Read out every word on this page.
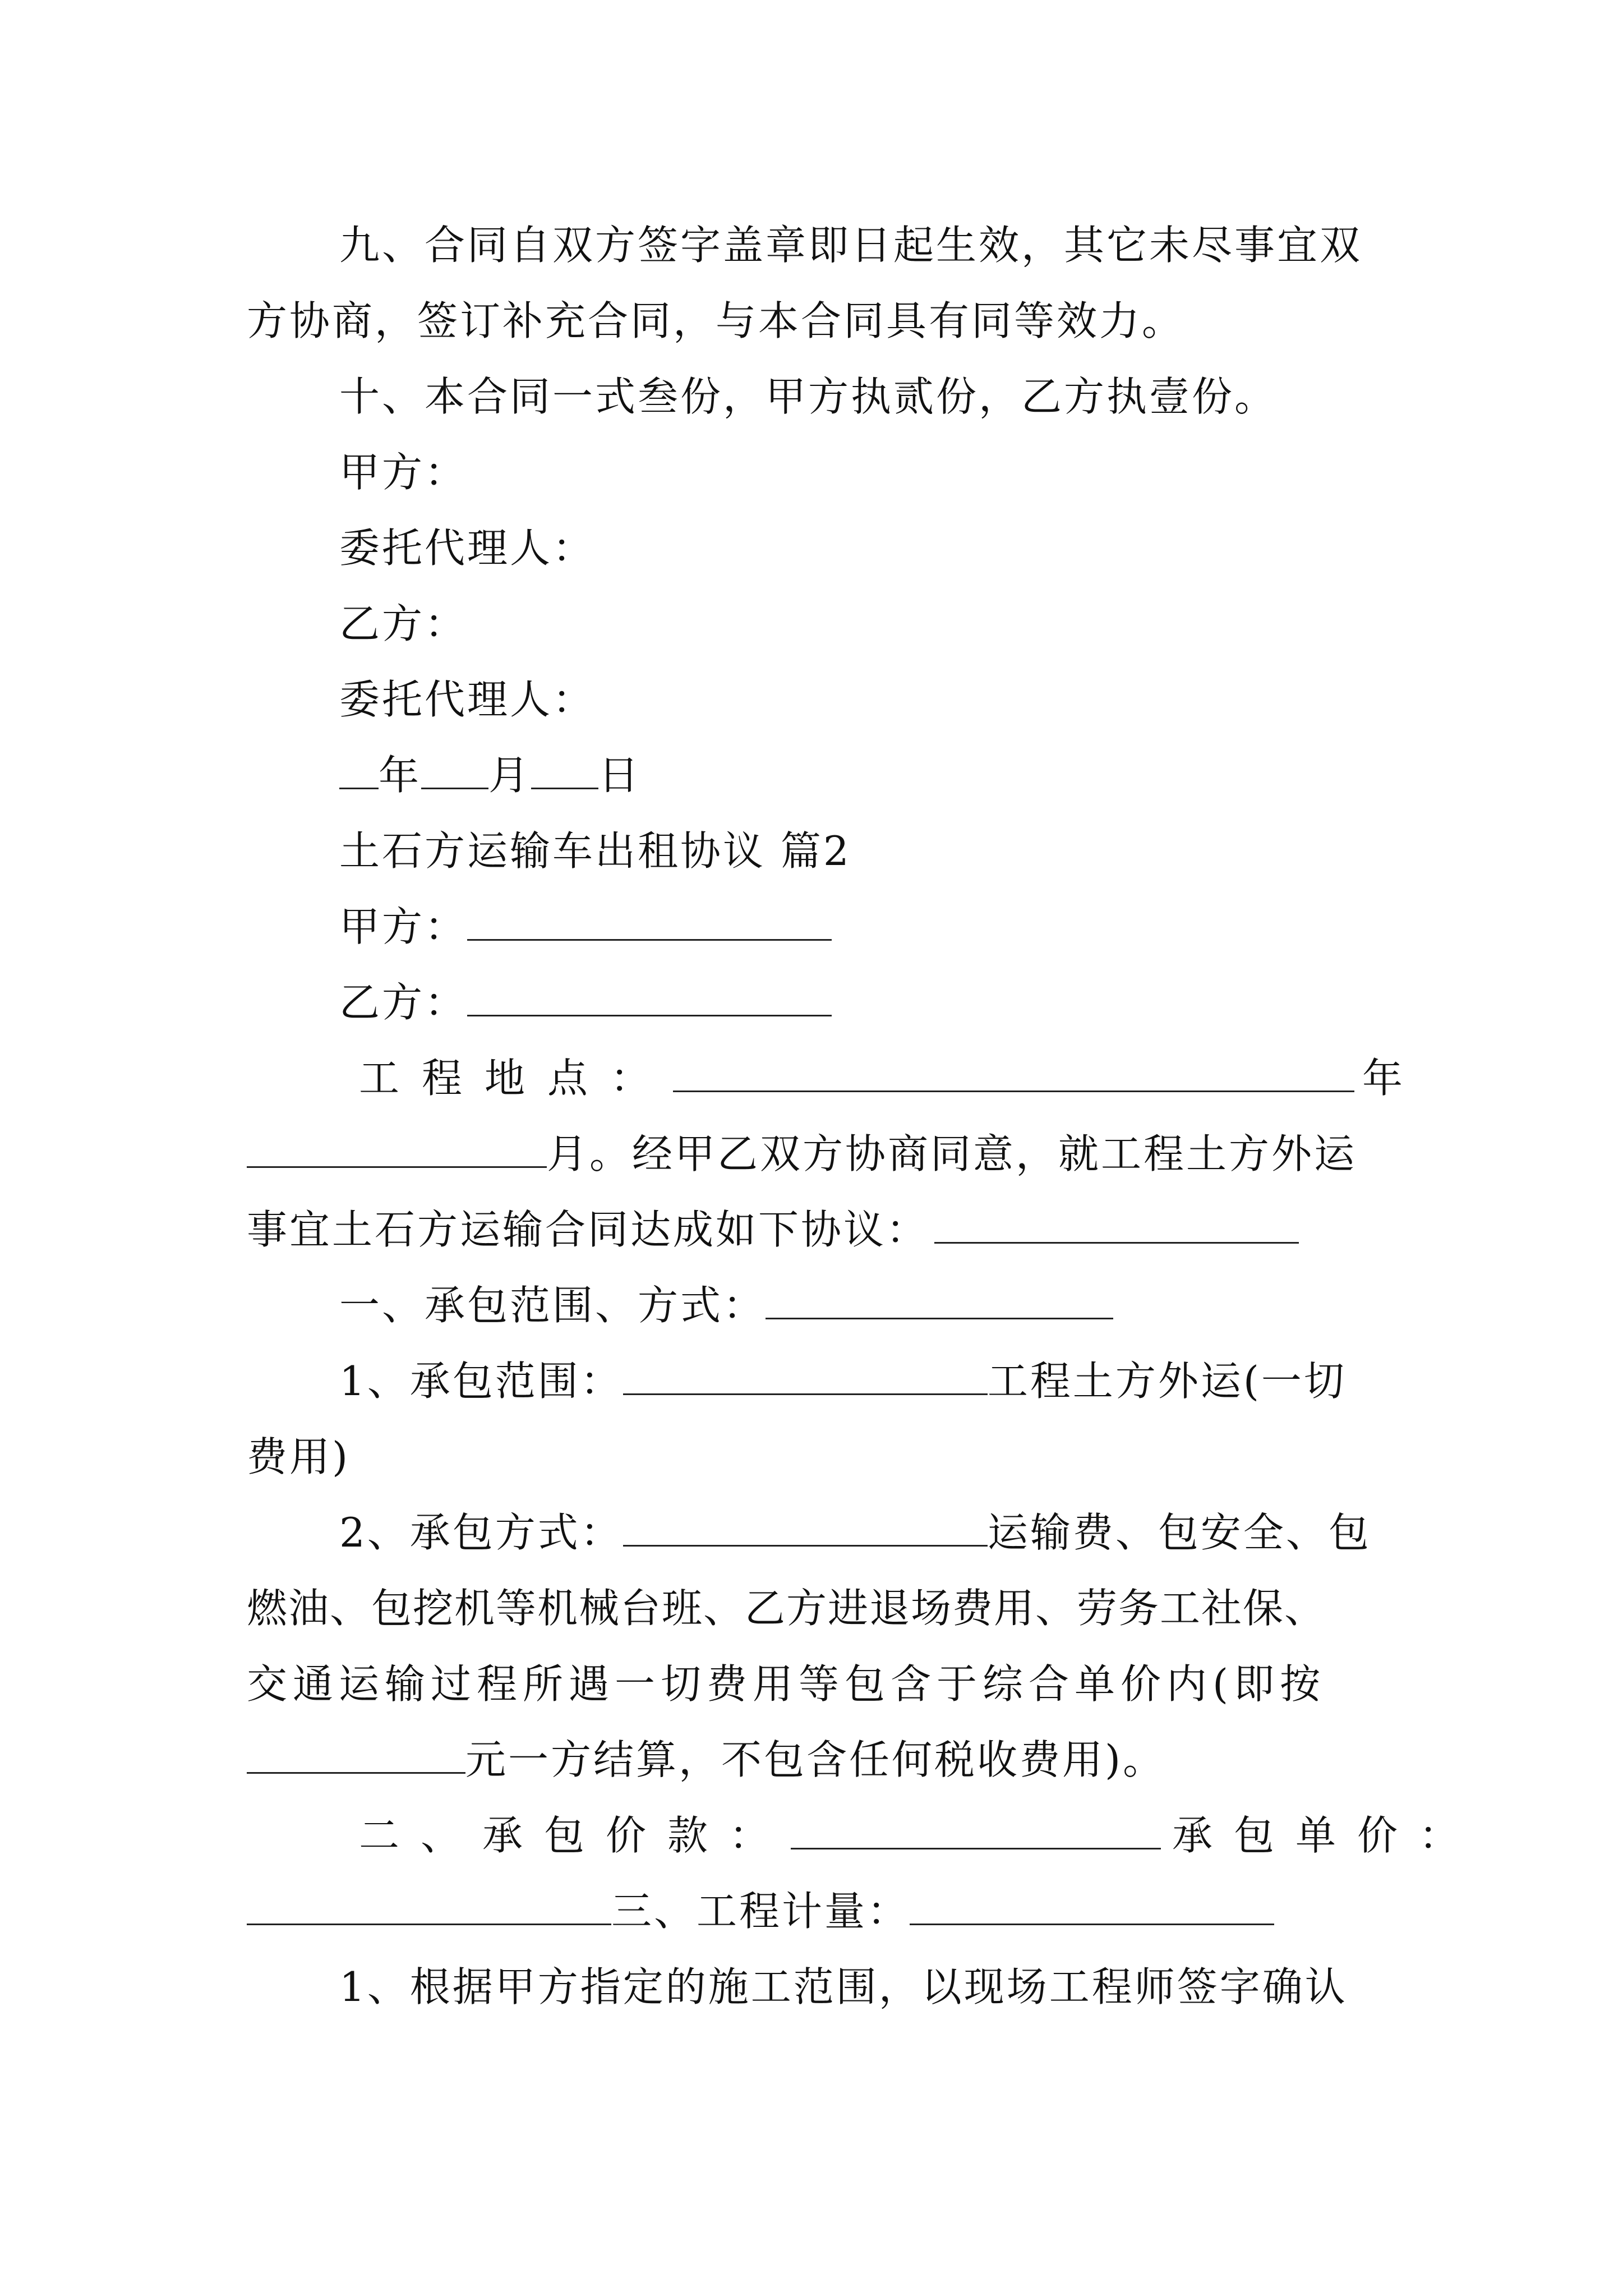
九、合同自双方签字盖章即日起生效，其它未尽事宜双
方协商，签订补充合同，与本合同具有同等效力。
十、本合同一式叁份，甲方执贰份，乙方执壹份。
甲方：
委托代理人：
乙方：
委托代理人：
年 月 日
土石方运输车出租协议 篇2
甲方：
乙方：
工程地点：	年
月。经甲乙双方协商同意，就工程土方外运
事宜土石方运输合同达成如下协议：
一、承包范围、方式：
1、承包范围：	工程土方外运(一切
费用)
2、承包方式：	运输费、包安全、包
燃油、包挖机等机械台班、乙方进退场费用、劳务工社保、
交通运输过程所遇一切费用等包含于综合单价内(即按
元一方结算，不包含任何税收费用)。
二、承包价款：	承包单价：
三、工程计量：
1、根据甲方指定的施工范围，以现场工程师签字确认
